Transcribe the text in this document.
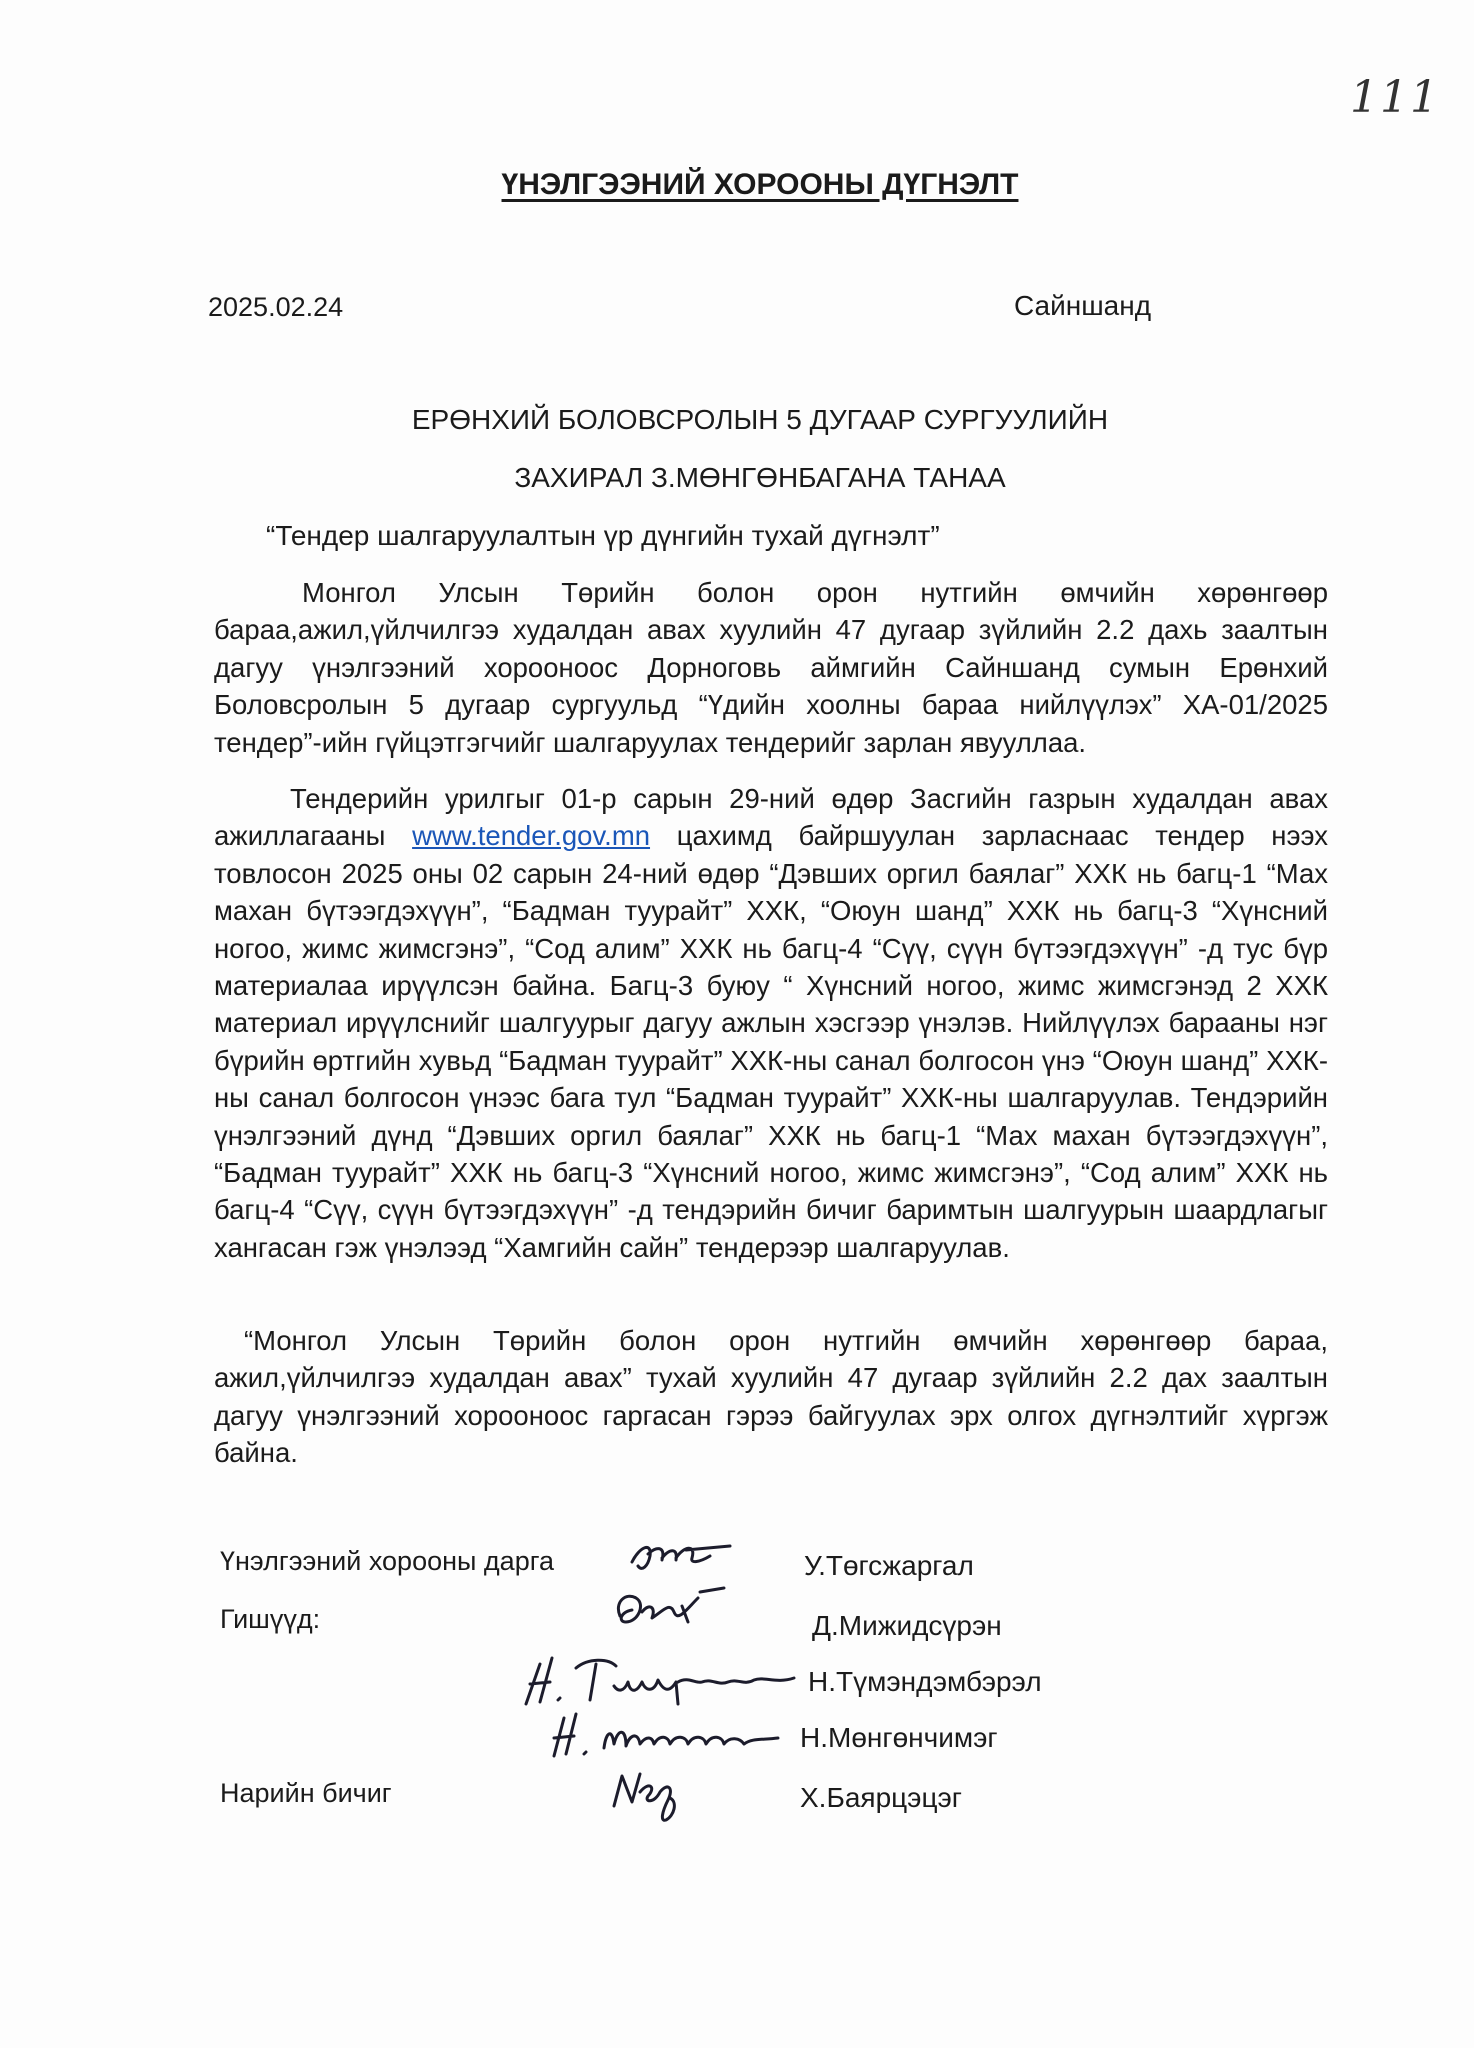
111
ҮНЭЛГЭЭНИЙ ХОРООНЫ ДҮГНЭЛТ
2025.02.24	Сайншанд
ЕРӨНХИЙ БОЛОВСРОЛЫН 5 ДУГААР СУРГУУЛИЙН
ЗАХИРАЛ З.МӨНГӨНБАГАНА ТАНАА
“Тендер шалгаруулалтын үр дүнгийн тухай дүгнэлт”

Монгол Улсын Төрийн болон орон нутгийн өмчийн хөрөнгөөр бараа,ажил,үйлчилгээ худалдан авах хуулийн 47 дугаар зүйлийн 2.2 дахь заалтын дагуу үнэлгээний хорооноос Дорноговь аймгийн Сайншанд сумын Ерөнхий Боловсролын 5 дугаар сургуульд “Үдийн хоолны бараа нийлүүлэх” ХА-01/2025 тендер”-ийн гүйцэтгэгчийг шалгаруулах тендерийг зарлан явууллаа.

Тендерийн урилгыг 01-р сарын 29-ний өдөр Засгийн газрын худалдан авах ажиллагааны www.tender.gov.mn цахимд байршуулан зарласнаас тендер нээх товлосон 2025 оны 02 сарын 24-ний өдөр “Дэвших оргил баялаг” ХХК нь багц-1 “Мах махан бүтээгдэхүүн”, “Бадман туурайт” ХХК, “Оюун шанд” ХХК нь багц-3 “Хүнсний ногоо, жимс жимсгэнэ”, “Сод алим” ХХК нь багц-4 “Сүү, сүүн бүтээгдэхүүн” -д тус бүр материалаа ирүүлсэн байна. Багц-3 буюу “ Хүнсний ногоо, жимс жимсгэнэд 2 ХХК материал ирүүлснийг шалгуурыг дагуу ажлын хэсгээр үнэлэв. Нийлүүлэх барааны нэг бүрийн өртгийн хувьд “Бадман туурайт” ХХК-ны санал болгосон үнэ “Оюун шанд” ХХК-ны санал болгосон үнээс бага тул “Бадман туурайт” ХХК-ны шалгаруулав. Тендэрийн үнэлгээний дүнд “Дэвших оргил баялаг” ХХК нь багц-1 “Мах махан бүтээгдэхүүн”, “Бадман туурайт” ХХК нь багц-3 “Хүнсний ногоо, жимс жимсгэнэ”, “Сод алим” ХХК нь багц-4 “Сүү, сүүн бүтээгдэхүүн” -д тендэрийн бичиг баримтын шалгуурын шаардлагыг хангасан гэж үнэлээд “Хамгийн сайн” тендерээр шалгаруулав.

“Монгол Улсын Төрийн болон орон нутгийн өмчийн хөрөнгөөр бараа, ажил,үйлчилгээ худалдан авах” тухай хуулийн 47 дугаар зүйлийн 2.2 дах заалтын дагуу үнэлгээний хорооноос гаргасан гэрээ байгуулах эрх олгох дүгнэлтийг хүргэж байна.

Үнэлгээний хорооны дарга	У.Төгсжаргал
Гишүүд:	Д.Мижидсүрэн
Н.Түмэндэмбэрэл
Н.Мөнгөнчимэг
Нарийн бичиг	Х.Баярцэцэг
